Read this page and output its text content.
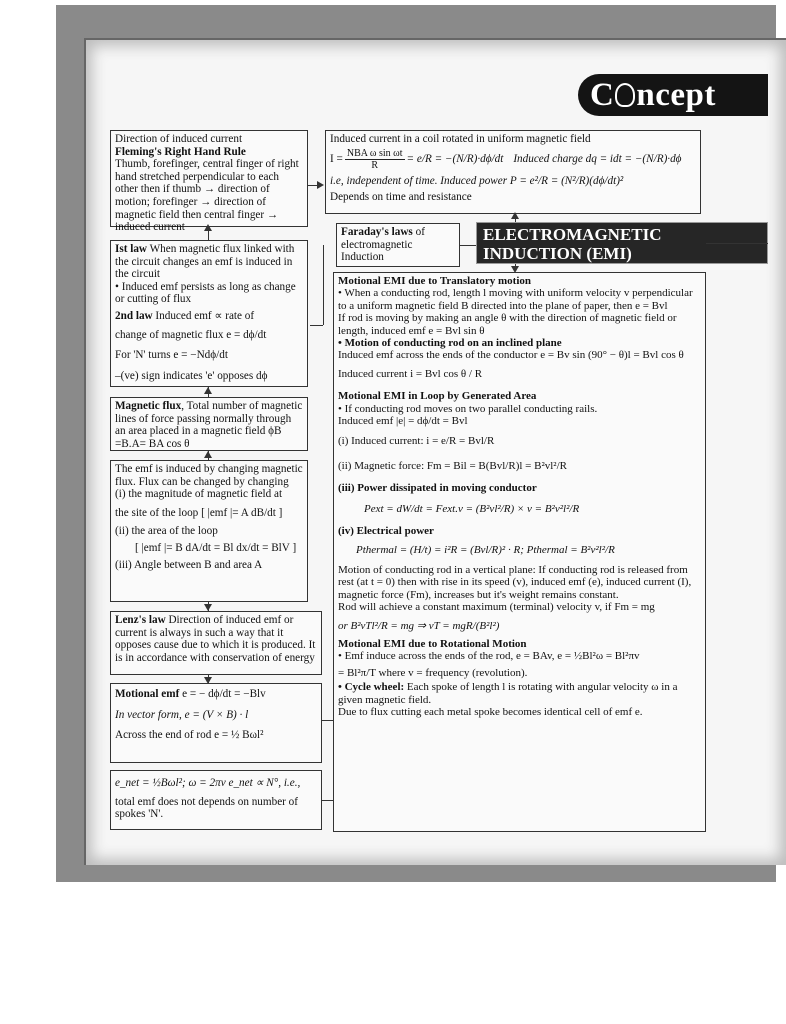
C ncept

Direction of induced current

Fleming's Right Hand Rule

Thumb, forefinger, central finger of right hand stretched perpendicular to each other then if thumb → direction of motion; forefinger → direction of magnetic field then central finger → induced current

Induced current in a coil rotated in uniform magnetic field

$I = \frac{\text{NBA ω sin ωt}}{R} = e/R = -(N/R)\cdot d\phi/dt$ Induced charge dq = idt = −(N/R)·dϕ

i.e, independent of time. Induced power P = e²/R = (N²/R)(dϕ/dt)²

Depends on time and resistance

Faraday's laws of electromagnetic Induction
ELECTROMAGNETIC
INDUCTION (EMI)

Ist law When magnetic flux linked with the circuit changes an emf is induced in the circuit

• Induced emf persists as long as change or cutting of flux

2nd law Induced emf ∝ rate of

change of magnetic flux e = dϕ/dt

For 'N' turns e = −Ndϕ/dt

–(ve) sign indicates 'e' opposes dϕ

Magnetic flux, Total number of magnetic lines of force passing normally through an area placed in a magnetic field ϕB =B.A= BA cos θ

The emf is induced by changing magnetic flux. Flux can be changed by changing

(i) the magnitude of magnetic field at

the site of the loop [ |emf |= A dB/dt ]

(ii) the area of the loop

[ |emf |= B dA/dt = Bl dx/dt = BlV ]

(iii) Angle between B and area A

Lenz's law Direction of induced emf or current is always in such a way that it opposes cause due to which it is produced. It is in accordance with conservation of energy

Motional emf e = − dϕ/dt = −Blv

In vector form, e = (V × B) · l

Across the end of rod e = ½ Bωl²

e_net = ½Bωl²; ω = 2πν e_net ∝ N°, i.e.,

total emf does not depends on number of spokes 'N'.

Motional EMI due to Translatory motion

• When a conducting rod, length l moving with uniform velocity v perpendicular to a uniform magnetic field B directed into the plane of paper, then e = Bvl

If rod is moving by making an angle θ with the direction of magnetic field or length, induced emf e = Bvl sin θ

• Motion of conducting rod on an inclined plane

Induced emf across the ends of the conductor e = Bv sin (90° − θ)l = Bvl cos θ

Induced current i = Bvl cos θ / R

Motional EMI in Loop by Generated Area

• If conducting rod moves on two parallel conducting rails.

Induced emf |e| = dϕ/dt = Bvl

(i) Induced current: i = e/R = Bvl/R

(ii) Magnetic force: Fm = Bil = B(Bvl/R)l = B²vl²/R

(iii) Power dissipated in moving conductor

Pext = dW/dt = Fext.v = (B²vl²/R) × v = B²v²l²/R

(iv) Electrical power

Pthermal = (H/t) = i²R = (Bvl/R)² · R; Pthermal = B²v²l²/R

Motion of conducting rod in a vertical plane: If conducting rod is released from rest (at t = 0) then with rise in its speed (v), induced emf (e), induced current (I), magnetic force (Fm), increases but it's weight remains constant.

Rod will achieve a constant maximum (terminal) velocity v, if Fm = mg

or B²vTl²/R = mg ⇒ vT = mgR/(B²l²)

Motional EMI due to Rotational Motion

• Emf induce across the ends of the rod, e = BAv, e = ½Bl²ω = Bl²πv

= Bl²π/T where v = frequency (revolution).

• Cycle wheel: Each spoke of length l is rotating with angular velocity ω in a given magnetic field.

Due to flux cutting each metal spoke becomes identical cell of emf e.
